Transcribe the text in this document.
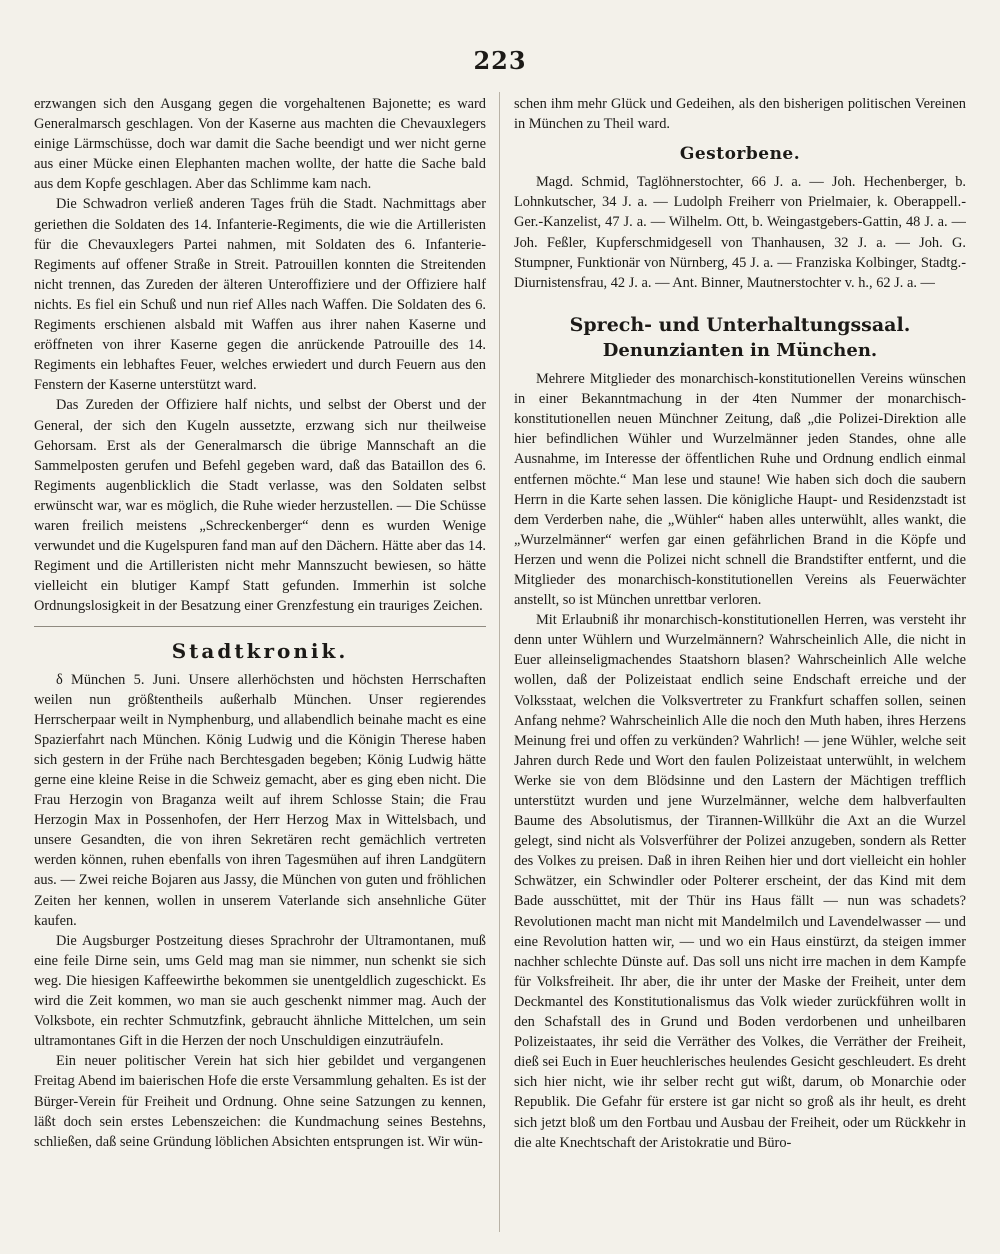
223

erzwangen sich den Ausgang gegen die vorgehaltenen Bajonette; es ward Generalmarsch geschlagen. Von der Kaserne aus machten die Chevauxlegers einige Lärmschüsse, doch war damit die Sache beendigt und wer nicht gerne aus einer Mücke einen Elephanten machen wollte, der hatte die Sache bald aus dem Kopfe geschlagen. Aber das Schlimme kam nach.

Die Schwadron verließ anderen Tages früh die Stadt. Nachmittags aber geriethen die Soldaten des 14. Infanterie-Regiments, die wie die Artilleristen für die Chevauxlegers Partei nahmen, mit Soldaten des 6. Infanterie-Regiments auf offener Straße in Streit. Patrouillen konnten die Streitenden nicht trennen, das Zureden der älteren Unteroffiziere und der Offiziere half nichts. Es fiel ein Schuß und nun rief Alles nach Waffen. Die Soldaten des 6. Regiments erschienen alsbald mit Waffen aus ihrer nahen Kaserne und eröffneten von ihrer Kaserne gegen die anrückende Patrouille des 14. Regiments ein lebhaftes Feuer, welches erwiedert und durch Feuern aus den Fenstern der Kaserne unterstützt ward.

Das Zureden der Offiziere half nichts, und selbst der Oberst und der General, der sich den Kugeln aussetzte, erzwang sich nur theilweise Gehorsam. Erst als der Generalmarsch die übrige Mannschaft an die Sammelposten gerufen und Befehl gegeben ward, daß das Bataillon des 6. Regiments augenblicklich die Stadt verlasse, was den Soldaten selbst erwünscht war, war es möglich, die Ruhe wieder herzustellen. — Die Schüsse waren freilich meistens „Schreckenberger“ denn es wurden Wenige verwundet und die Kugelspuren fand man auf den Dächern. Hätte aber das 14. Regiment und die Artilleristen nicht mehr Mannszucht bewiesen, so hätte vielleicht ein blutiger Kampf Statt gefunden. Immerhin ist solche Ordnungslosigkeit in der Besatzung einer Grenzfestung ein trauriges Zeichen.

Stadtkronik.

δ München 5. Juni. Unsere allerhöchsten und höchsten Herrschaften weilen nun größtentheils außerhalb München. Unser regierendes Herrscherpaar weilt in Nymphenburg, und allabendlich beinahe macht es eine Spazierfahrt nach München. König Ludwig und die Königin Therese haben sich gestern in der Frühe nach Berchtesgaden begeben; König Ludwig hätte gerne eine kleine Reise in die Schweiz gemacht, aber es ging eben nicht. Die Frau Herzogin von Braganza weilt auf ihrem Schlosse Stain; die Frau Herzogin Max in Possenhofen, der Herr Herzog Max in Wittelsbach, und unsere Gesandten, die von ihren Sekretären recht gemächlich vertreten werden können, ruhen ebenfalls von ihren Tagesmühen auf ihren Landgütern aus. — Zwei reiche Bojaren aus Jassy, die München von guten und fröhlichen Zeiten her kennen, wollen in unserem Vaterlande sich ansehnliche Güter kaufen.

Die Augsburger Postzeitung dieses Sprachrohr der Ultramontanen, muß eine feile Dirne sein, ums Geld mag man sie nimmer, nun schenkt sie sich weg. Die hiesigen Kaffeewirthe bekommen sie unentgeldlich zugeschickt. Es wird die Zeit kommen, wo man sie auch geschenkt nimmer mag. Auch der Volksbote, ein rechter Schmutzfink, gebraucht ähnliche Mittelchen, um sein ultramontanes Gift in die Herzen der noch Unschuldigen einzuträufeln.

Ein neuer politischer Verein hat sich hier gebildet und vergangenen Freitag Abend im baierischen Hofe die erste Versammlung gehalten. Es ist der Bürger-Verein für Freiheit und Ordnung. Ohne seine Satzungen zu kennen, läßt doch sein erstes Lebenszeichen: die Kundmachung seines Bestehns, schließen, daß seine Gründung löblichen Absichten entsprungen ist. Wir wün-

schen ihm mehr Glück und Gedeihen, als den bisherigen politischen Vereinen in München zu Theil ward.

Gestorbene.

Magd. Schmid, Taglöhnerstochter, 66 J. a. — Joh. Hechenberger, b. Lohnkutscher, 34 J. a. — Ludolph Freiherr von Prielmaier, k. Oberappell.-Ger.-Kanzelist, 47 J. a. — Wilhelm. Ott, b. Weingastgebers-Gattin, 48 J. a. — Joh. Feßler, Kupferschmidgesell von Thanhausen, 32 J. a. — Joh. G. Stumpner, Funktionär von Nürnberg, 45 J. a. — Franziska Kolbinger, Stadtg.-Diurnistensfrau, 42 J. a. — Ant. Binner, Mautnerstochter v. h., 62 J. a. —

Sprech- und Unterhaltungssaal.
Denunzianten in München.

Mehrere Mitglieder des monarchisch-konstitutionellen Vereins wünschen in einer Bekanntmachung in der 4ten Nummer der monarchisch-konstitutionellen neuen Münchner Zeitung, daß „die Polizei-Direktion alle hier befindlichen Wühler und Wurzelmänner jeden Standes, ohne alle Ausnahme, im Interesse der öffentlichen Ruhe und Ordnung endlich einmal entfernen möchte.“ Man lese und staune! Wie haben sich doch die saubern Herrn in die Karte sehen lassen. Die königliche Haupt- und Residenzstadt ist dem Verderben nahe, die „Wühler“ haben alles unterwühlt, alles wankt, die „Wurzelmänner“ werfen gar einen gefährlichen Brand in die Köpfe und Herzen und wenn die Polizei nicht schnell die Brandstifter entfernt, und die Mitglieder des monarchisch-konstitutionellen Vereins als Feuerwächter anstellt, so ist München unrettbar verloren.

Mit Erlaubniß ihr monarchisch-konstitutionellen Herren, was versteht ihr denn unter Wühlern und Wurzelmännern? Wahrscheinlich Alle, die nicht in Euer alleinseligmachendes Staatshorn blasen? Wahrscheinlich Alle welche wollen, daß der Polizeistaat endlich seine Endschaft erreiche und der Volksstaat, welchen die Volksvertreter zu Frankfurt schaffen sollen, seinen Anfang nehme? Wahrscheinlich Alle die noch den Muth haben, ihres Herzens Meinung frei und offen zu verkünden? Wahrlich! — jene Wühler, welche seit Jahren durch Rede und Wort den faulen Polizeistaat unterwühlt, in welchem Werke sie von dem Blödsinne und den Lastern der Mächtigen trefflich unterstützt wurden und jene Wurzelmänner, welche dem halbverfaulten Baume des Absolutismus, der Tirannen-Willkühr die Axt an die Wurzel gelegt, sind nicht als Volsverführer der Polizei anzugeben, sondern als Retter des Volkes zu preisen. Daß in ihren Reihen hier und dort vielleicht ein hohler Schwätzer, ein Schwindler oder Polterer erscheint, der das Kind mit dem Bade ausschüttet, mit der Thür ins Haus fällt — nun was schadets? Revolutionen macht man nicht mit Mandelmilch und Lavendelwasser — und eine Revolution hatten wir, — und wo ein Haus einstürzt, da steigen immer nachher schlechte Dünste auf. Das soll uns nicht irre machen in dem Kampfe für Volksfreiheit. Ihr aber, die ihr unter der Maske der Freiheit, unter dem Deckmantel des Konstitutionalismus das Volk wieder zurückführen wollt in den Schafstall des in Grund und Boden verdorbenen und unheilbaren Polizeistaates, ihr seid die Verräther des Volkes, die Verräther der Freiheit, dieß sei Euch in Euer heuchlerisches heulendes Gesicht geschleudert. Es dreht sich hier nicht, wie ihr selber recht gut wißt, darum, ob Monarchie oder Republik. Die Gefahr für erstere ist gar nicht so groß als ihr heult, es dreht sich jetzt bloß um den Fortbau und Ausbau der Freiheit, oder um Rückkehr in die alte Knechtschaft der Aristokratie und Büro-
